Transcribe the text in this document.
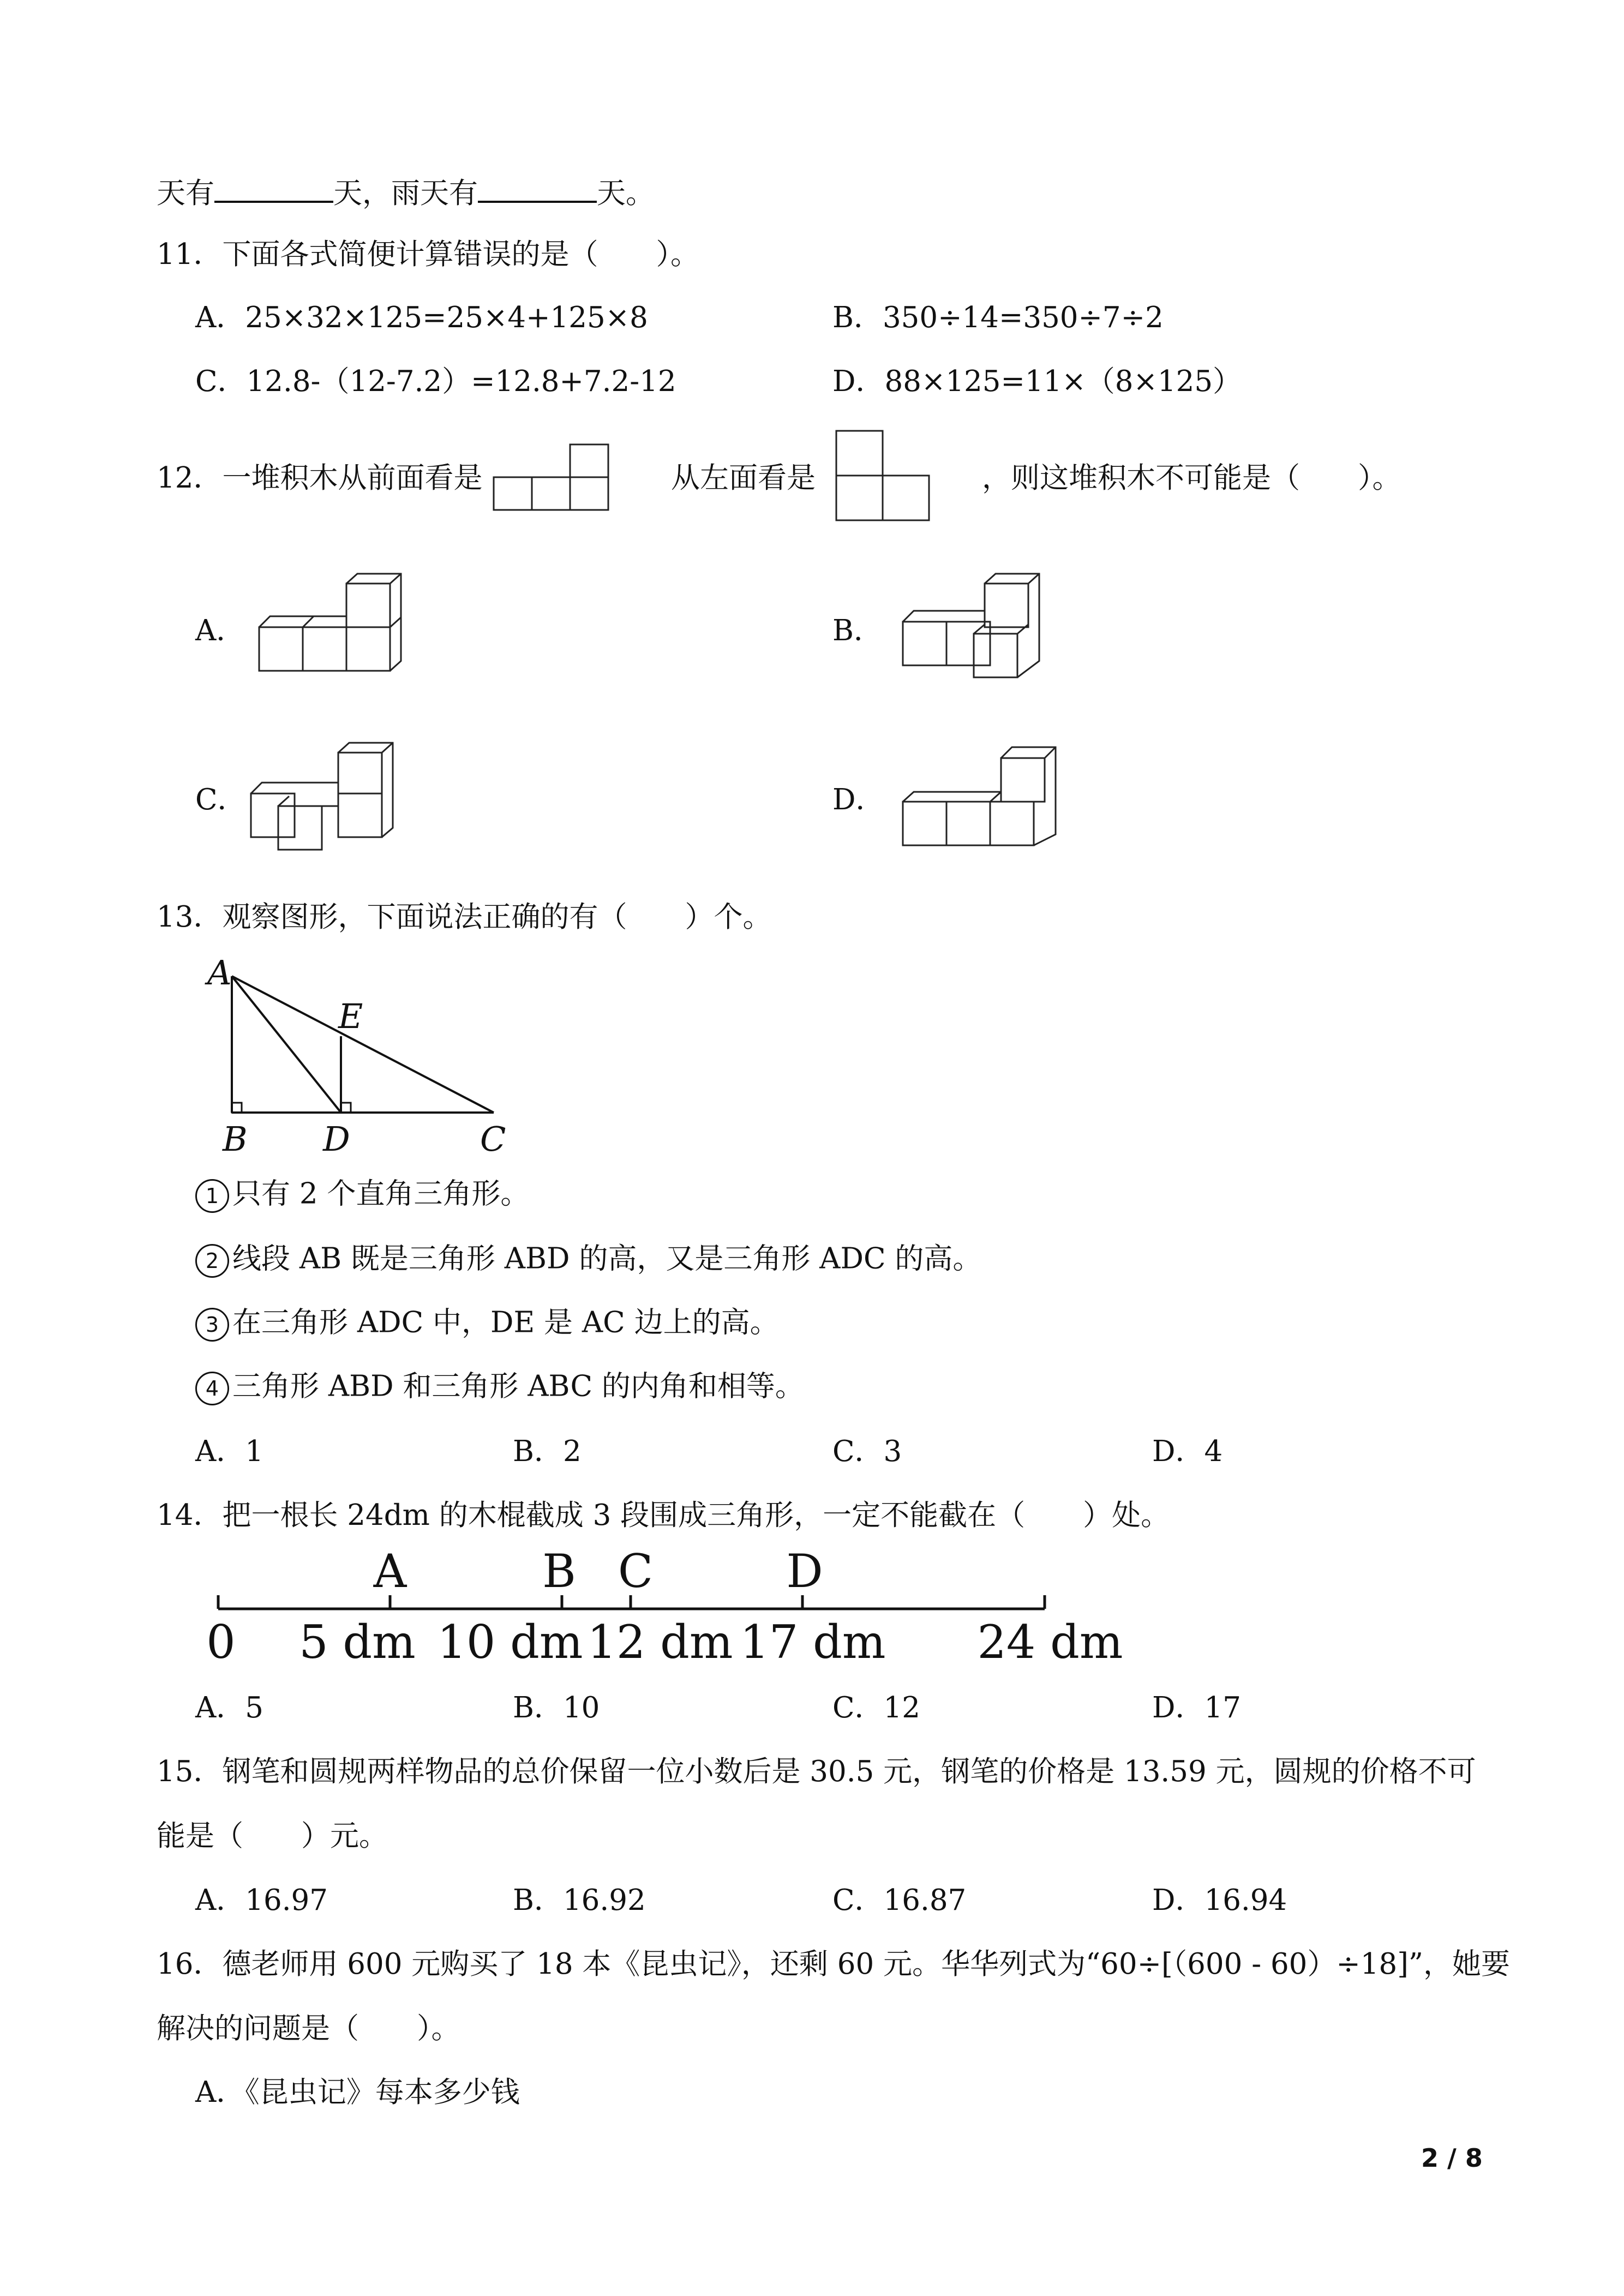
天有	天，雨天有	天。
11．下面各式简便计算错误的是（　　）。
A．25×32×125=25×4+125×8	B．350÷14=350÷7÷2
C．12.8-（12-7.2）=12.8+7.2-12	D．88×125=11×（8×125）
12．一堆积木从前面看是	从左面看是	，则这堆积木不可能是（　　）。
A．	B．
C．	D．
13．观察图形，下面说法正确的有（　　）个。
A
E
B D	C
1 只有 2 个直角三角形。
2 线段 AB 既是三角形 ABD 的高，又是三角形 ADC 的高。
3 在三角形 ADC 中，DE 是 AC 边上的高。
4 三角形 ABD 和三角形 ABC 的内角和相等。
A．1	B．2	C．3	D．4
14．把一根长 24dm 的木棍截成 3 段围成三角形，一定不能截在（　　）处。
A	B C	D
0 5 dm 10 dm 12 dm 17 dm 24 dm
A．5	B．10	C．12	D．17
15．钢笔和圆规两样物品的总价保留一位小数后是 30.5 元，钢笔的价格是 13.59 元，圆规的价格不可
能是（　　）元。
A．16.97	B．16.92	C．16.87	D．16.94
16．德老师用 600 元购买了 18 本《昆虫记》，还剩 60 元。华华列式为“60÷[（600 - 60）÷18]”，她要
解决的问题是（　　）。
A．《昆虫记》每本多少钱
2 / 8
